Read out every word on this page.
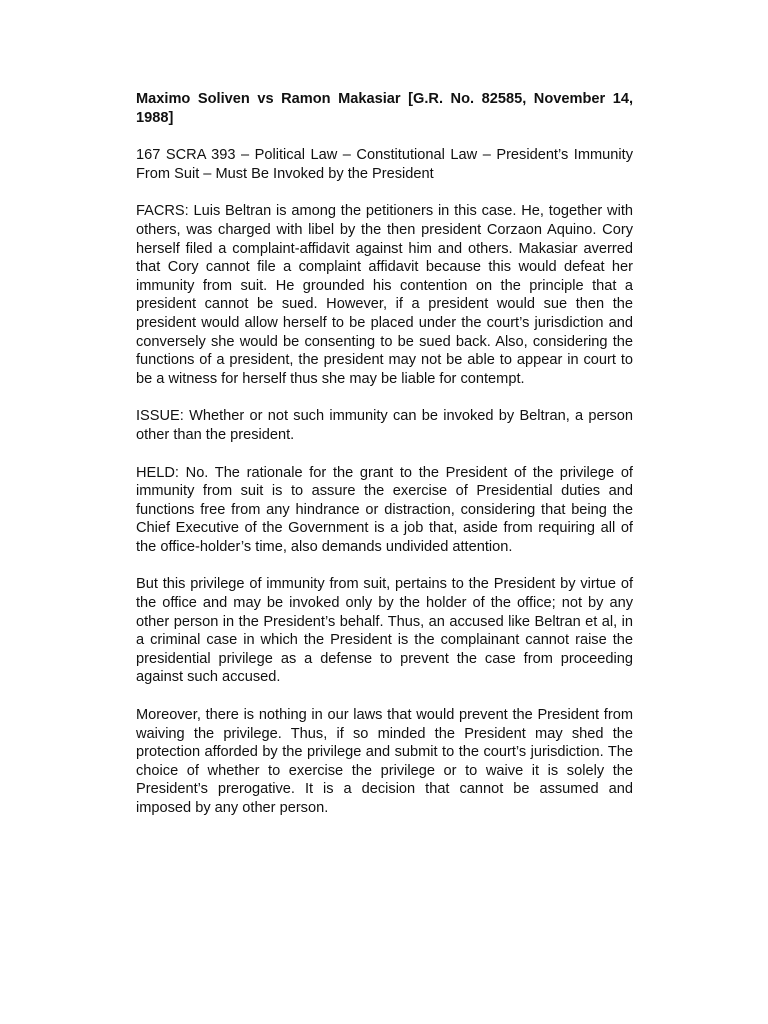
Maximo Soliven vs Ramon Makasiar [G.R. No. 82585, November 14, 1988]

167 SCRA 393 – Political Law – Constitutional Law – President’s Immunity From Suit – Must Be Invoked by the President

FACRS: Luis Beltran is among the petitioners in this case. He, together with others, was charged with libel by the then president Corzaon Aquino. Cory herself filed a complaint-affidavit against him and others. Makasiar averred that Cory cannot file a complaint affidavit because this would defeat her immunity from suit. He grounded his contention on the principle that a president cannot be sued. However, if a president would sue then the president would allow herself to be placed under the court’s jurisdiction and conversely she would be consenting to be sued back. Also, considering the functions of a president, the president may not be able to appear in court to be a witness for herself thus she may be liable for contempt.

ISSUE: Whether or not such immunity can be invoked by Beltran, a person other than the president.

HELD: No. The rationale for the grant to the President of the privilege of immunity from suit is to assure the exercise of Presidential duties and functions free from any hindrance or distraction, considering that being the Chief Executive of the Government is a job that, aside from requiring all of the office-holder’s time, also demands undivided attention.

But this privilege of immunity from suit, pertains to the President by virtue of the office and may be invoked only by the holder of the office; not by any other person in the President’s behalf. Thus, an accused like Beltran et al, in a criminal case in which the President is the complainant cannot raise the presidential privilege as a defense to prevent the case from proceeding against such accused.

Moreover, there is nothing in our laws that would prevent the President from waiving the privilege. Thus, if so minded the President may shed the protection afforded by the privilege and submit to the court’s jurisdiction. The choice of whether to exercise the privilege or to waive it is solely the President’s prerogative. It is a decision that cannot be assumed and imposed by any other person.
